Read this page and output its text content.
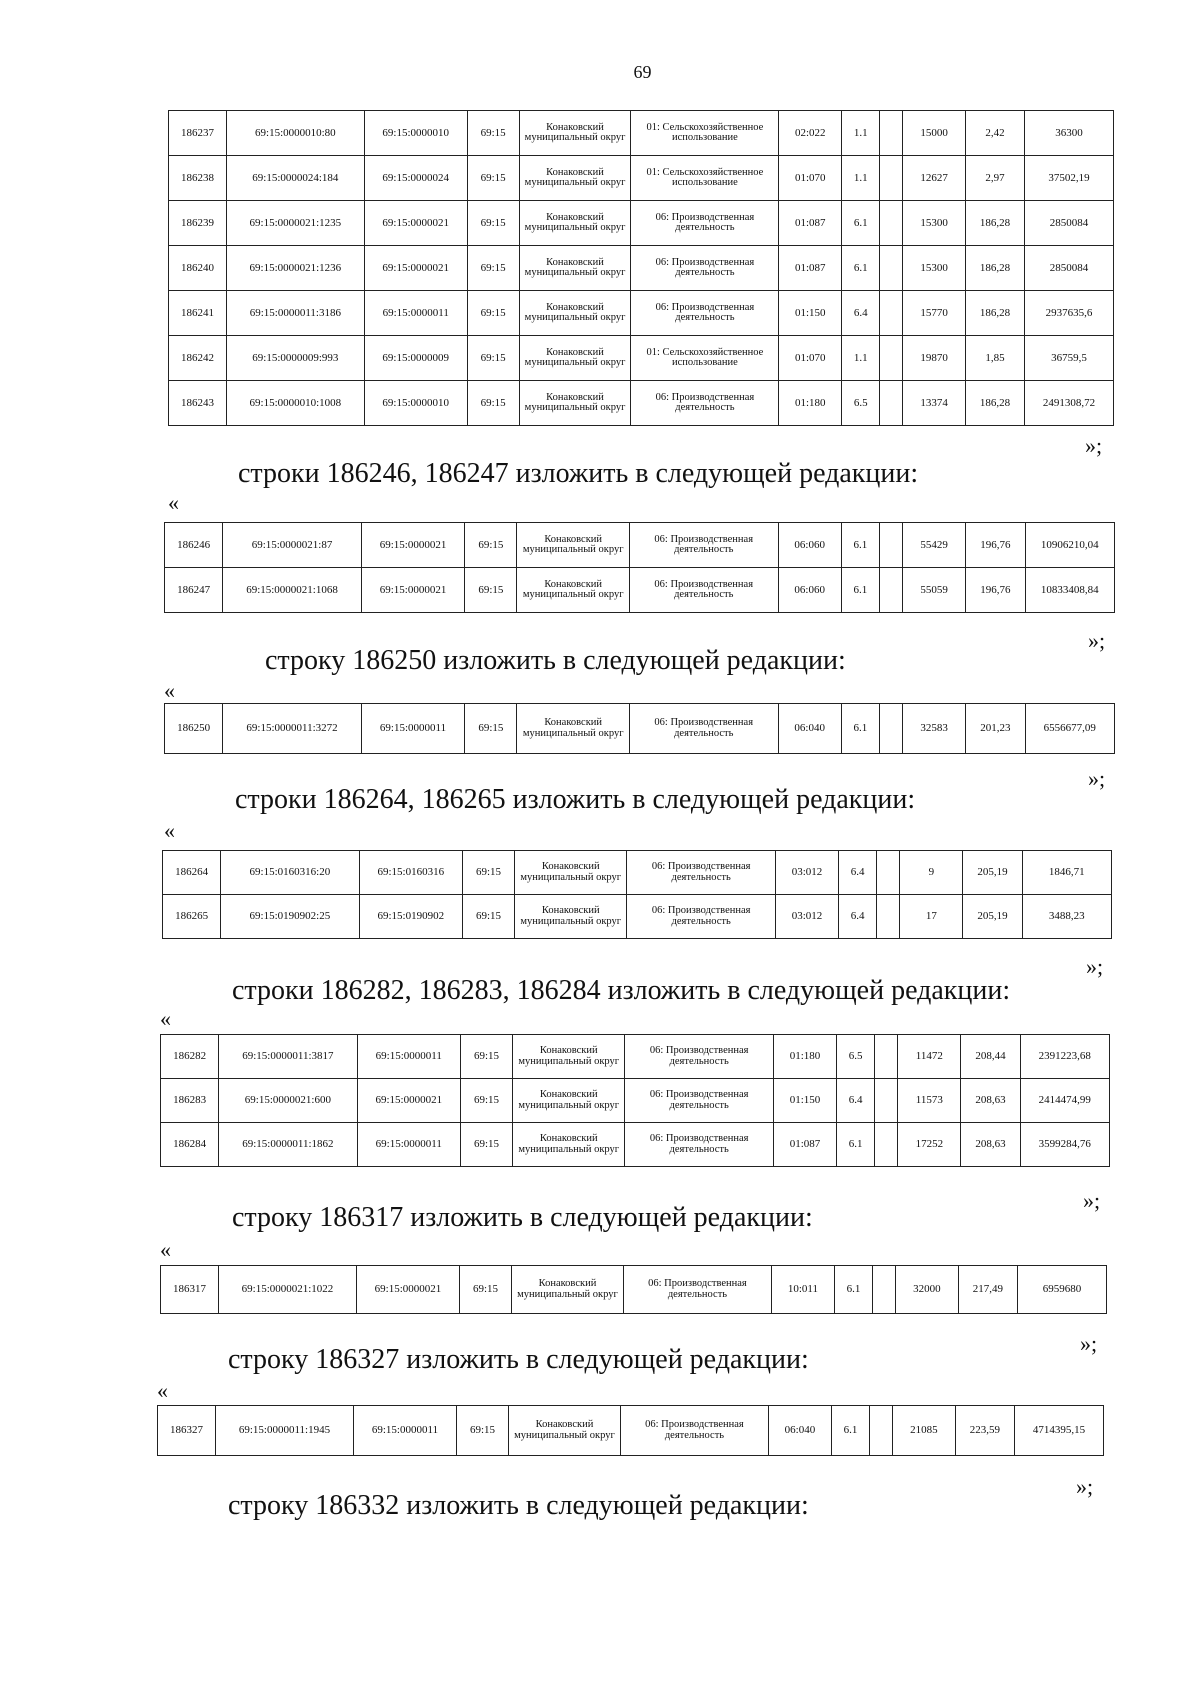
69
186237	69:15:0000010:80	69:15:0000010	69:15	Конаковский муниципальный округ	01: Сельскохозяйственное использование	02:022	1.1		15000	2,42	36300
186238	69:15:0000024:184	69:15:0000024	69:15	Конаковский муниципальный округ	01: Сельскохозяйственное использование	01:070	1.1		12627	2,97	37502,19
186239	69:15:0000021:1235	69:15:0000021	69:15	Конаковский муниципальный округ	06: Производственная деятельность	01:087	6.1		15300	186,28	2850084
186240	69:15:0000021:1236	69:15:0000021	69:15	Конаковский муниципальный округ	06: Производственная деятельность	01:087	6.1		15300	186,28	2850084
186241	69:15:0000011:3186	69:15:0000011	69:15	Конаковский муниципальный округ	06: Производственная деятельность	01:150	6.4		15770	186,28	2937635,6
186242	69:15:0000009:993	69:15:0000009	69:15	Конаковский муниципальный округ	01: Сельскохозяйственное использование	01:070	1.1		19870	1,85	36759,5
186243	69:15:0000010:1008	69:15:0000010	69:15	Конаковский муниципальный округ	06: Производственная деятельность	01:180	6.5		13374	186,28	2491308,72
»;
строки 186246, 186247 изложить в следующей редакции:
«
186246	69:15:0000021:87	69:15:0000021	69:15	Конаковский муниципальный округ	06: Производственная деятельность	06:060	6.1		55429	196,76	10906210,04
186247	69:15:0000021:1068	69:15:0000021	69:15	Конаковский муниципальный округ	06: Производственная деятельность	06:060	6.1		55059	196,76	10833408,84
»;
строку 186250 изложить в следующей редакции:
«
186250	69:15:0000011:3272	69:15:0000011	69:15	Конаковский муниципальный округ	06: Производственная деятельность	06:040	6.1		32583	201,23	6556677,09
»;
строки 186264, 186265 изложить в следующей редакции:
«
186264	69:15:0160316:20	69:15:0160316	69:15	Конаковский муниципальный округ	06: Производственная деятельность	03:012	6.4		9	205,19	1846,71
186265	69:15:0190902:25	69:15:0190902	69:15	Конаковский муниципальный округ	06: Производственная деятельность	03:012	6.4		17	205,19	3488,23
»;
строки 186282, 186283, 186284 изложить в следующей редакции:
«
186282	69:15:0000011:3817	69:15:0000011	69:15	Конаковский муниципальный округ	06: Производственная деятельность	01:180	6.5		11472	208,44	2391223,68
186283	69:15:0000021:600	69:15:0000021	69:15	Конаковский муниципальный округ	06: Производственная деятельность	01:150	6.4		11573	208,63	2414474,99
186284	69:15:0000011:1862	69:15:0000011	69:15	Конаковский муниципальный округ	06: Производственная деятельность	01:087	6.1		17252	208,63	3599284,76
»;
строку 186317 изложить в следующей редакции:
«
186317	69:15:0000021:1022	69:15:0000021	69:15	Конаковский муниципальный округ	06: Производственная деятельность	10:011	6.1		32000	217,49	6959680
»;
строку 186327 изложить в следующей редакции:
«
186327	69:15:0000011:1945	69:15:0000011	69:15	Конаковский муниципальный округ	06: Производственная деятельность	06:040	6.1		21085	223,59	4714395,15
»;
строку 186332 изложить в следующей редакции:
